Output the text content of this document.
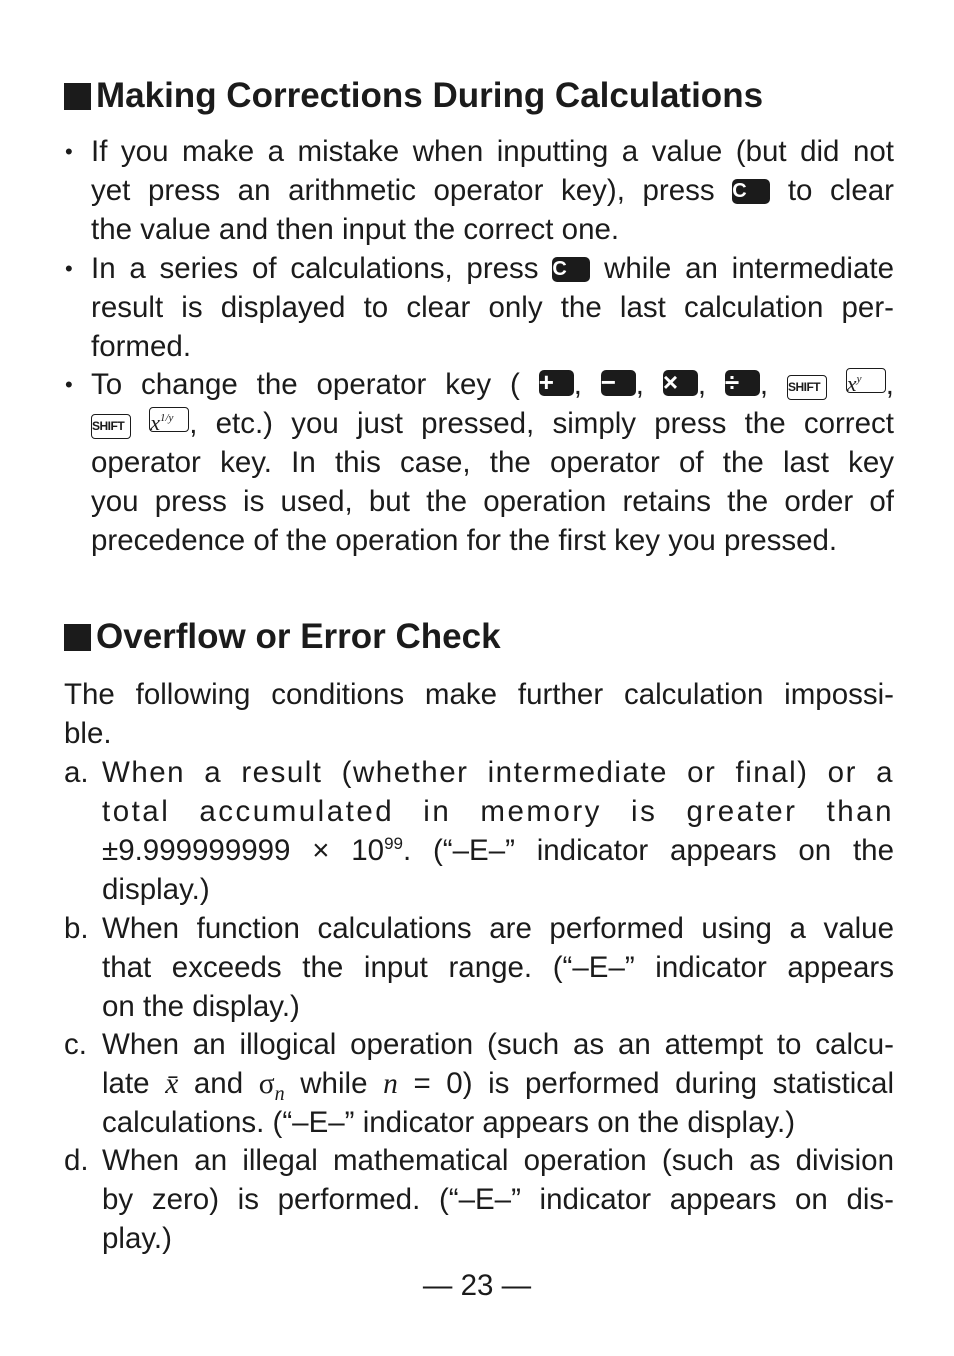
Making Corrections During Calculations
• If you make a mistake when inputting a value (but did not
yet press an arithmetic operator key), press C to clear
the value and then input the correct one.
• In a series of calculations, press C while an intermediate
result is displayed to clear only the last calculation per-
formed.
• To change the operator key ( + , − , × , ÷ , SHIFT $x^y$ ,
SHIFT $x^{1/y}$ , etc.) you just pressed, simply press the correct
operator key. In this case, the operator of the last key
you press is used, but the operation retains the order of
precedence of the operation for the first key you pressed.
Overflow or Error Check
The following conditions make further calculation impossi-
ble.
a. When a result (whether intermediate or final) or a
total accumulated in memory is greater than
$\pm 9.999999999 \times 10^{99}$. (“–E–” indicator appears on the
display.)
b. When function calculations are performed using a value
that exceeds the input range. (“–E–” indicator appears
on the display.)
c. When an illogical operation (such as an attempt to calcu-
late x̄ and $\sigma_n$ while n = 0) is performed during statistical
calculations. (“–E–” indicator appears on the display.)
d. When an illegal mathematical operation (such as division
by zero) is performed. (“–E–” indicator appears on dis-
play.)
— 23 —
